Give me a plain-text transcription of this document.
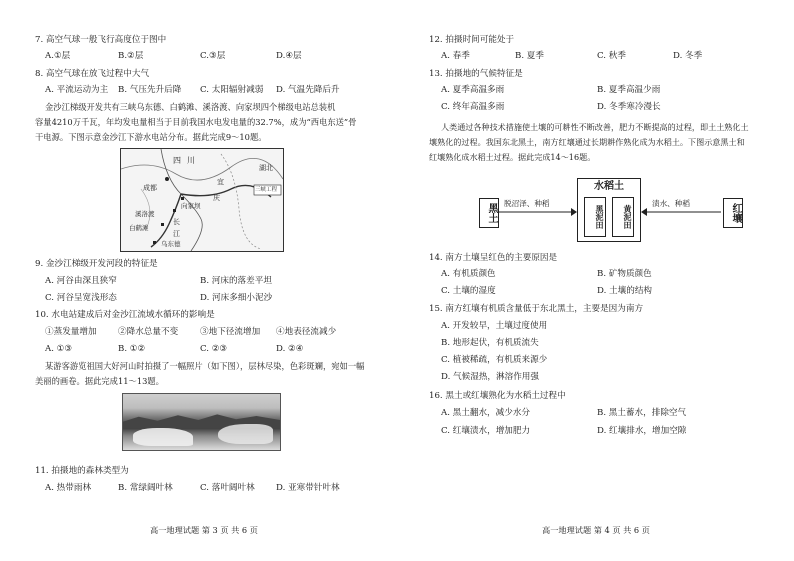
7. 高空气球一般飞行高度位于图中
A.①层	B.②层	C.③层	D.④层
8. 高空气球在放飞过程中大气
A. 平流运动为主 B. 气压先升后降 C. 太阳辐射减弱 D. 气温先降后升
金沙江梯级开发共有三峡乌东德、白鹤滩、溪洛渡、向家坝四个梯级电站总装机
容量4210万千瓦，年均发电量相当于目前我国水电发电量的32.7%，成为“西电东送”骨
干电源。下图示意金沙江下游水电站分布。据此完成9～10题。
四 川
湖北
成都
向家坝
宜
庆
三峡工程
溪洛渡
白鹤滩
长
江
乌东德
9. 金沙江梯级开发河段的特征是
A. 河谷由深且狭窄	B. 河床的落差平坦
C. 河谷呈宽浅形态	D. 河床多细小泥沙
10. 水电站建成后对金沙江流域水循环的影响是
①蒸发量增加 ②降水总量不变	③地下径流增加 ④地表径流减少
A. ①③	B. ①②	C. ②③	D. ②④
某游客游览祖国大好河山时拍摄了一幅照片（如下图），层林尽染，色彩斑斓，宛如一幅
美丽的画卷。据此完成11～13题。
11. 拍摄地的森林类型为
A. 热带雨林	B. 常绿阔叶林	C. 落叶阔叶林 D. 亚寒带针叶林
高一地理试题 第 3 页 共 6 页
12. 拍摄时间可能处于
A. 春季	B. 夏季	C. 秋季	D. 冬季
13. 拍摄地的气候特征是
A. 夏季高温多雨	B. 夏季高温少雨
C. 终年高温多雨	D. 冬季寒冷漫长
人类通过各种技术措施使土壤的可耕性不断改善，肥力不断提高的过程，即土土熟化土
壤熟化的过程。我国东北黑土，南方红壤通过长期耕作熟化成为水稻土。下图示意黑土和
红壤熟化成水稻土过程。据此完成14～16题。
黑土 脱沼泽、种稻
水稻土
黑泥田	黄泥田
渍水、种稻	红壤
14. 南方土壤呈红色的主要原因是
A. 有机质颜色	B. 矿物质颜色
C. 土壤的湿度	D. 土壤的结构
15. 南方红壤有机质含量低于东北黑土，主要是因为南方
A. 开发较早，土壤过度使用
B. 地形起伏，有机质流失
C. 植被稀疏，有机质来源少
D. 气候湿热，淋溶作用强
16. 黑土或红壤熟化为水稻土过程中
A. 黑土翻水，减少水分	B. 黑土蓄水，排除空气
C. 红壤渍水，增加肥力	D. 红壤排水，增加空隙
高一地理试题 第 4 页 共 6 页
